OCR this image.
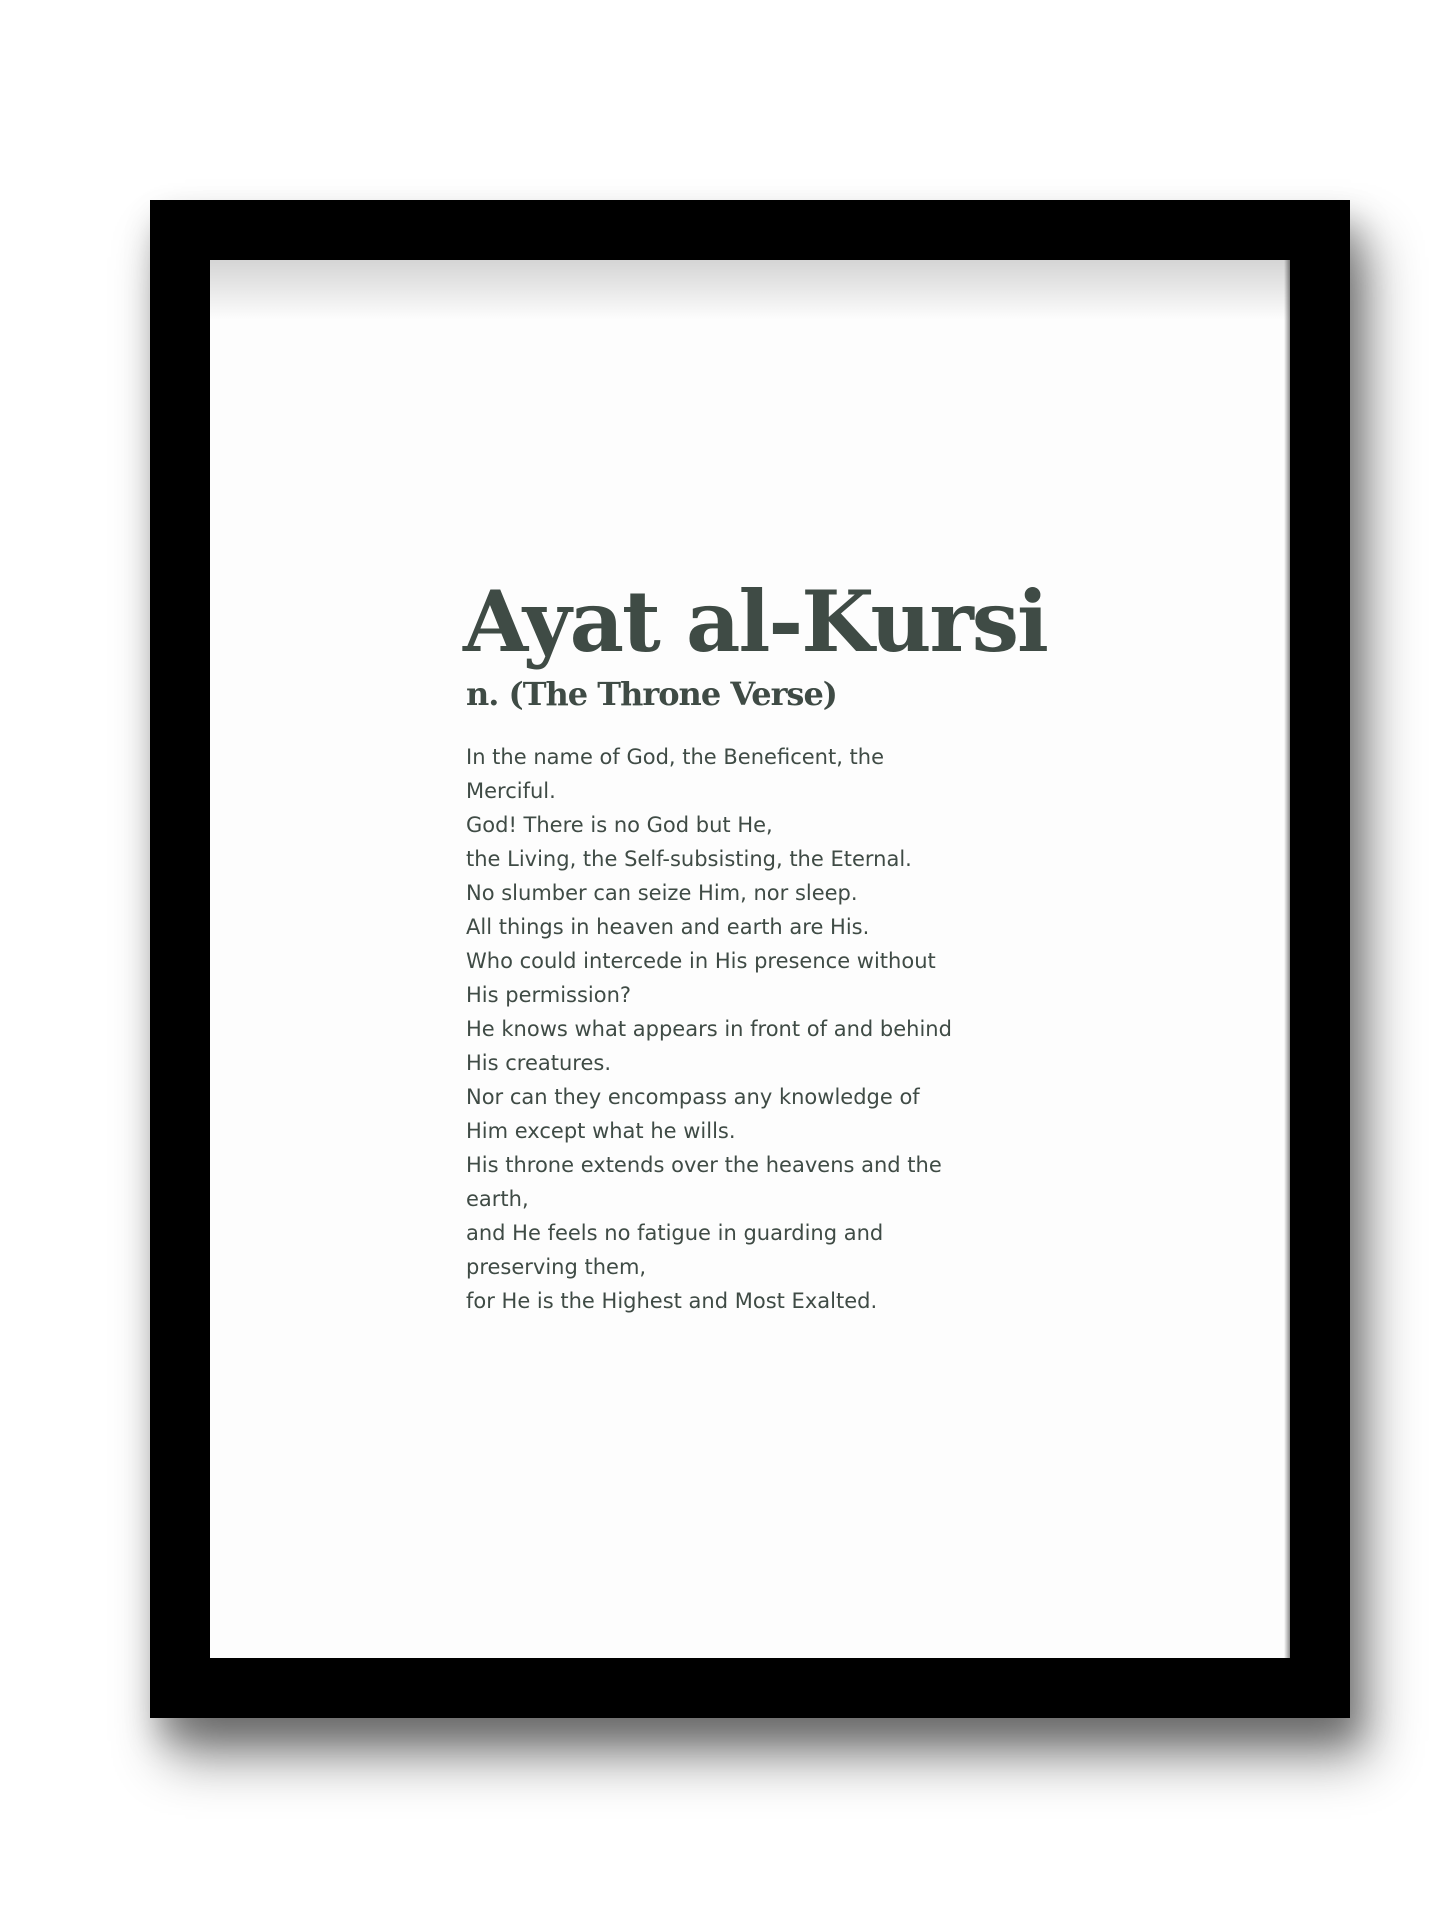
Ayat al-Kursi
n. (The Throne Verse)
In the name of God, the Beneficent, the
Merciful.
God! There is no God but He,
the Living, the Self-subsisting, the Eternal.
No slumber can seize Him, nor sleep.
All things in heaven and earth are His.
Who could intercede in His presence without
His permission?
He knows what appears in front of and behind
His creatures.
Nor can they encompass any knowledge of
Him except what he wills.
His throne extends over the heavens and the
earth,
and He feels no fatigue in guarding and
preserving them,
for He is the Highest and Most Exalted.
